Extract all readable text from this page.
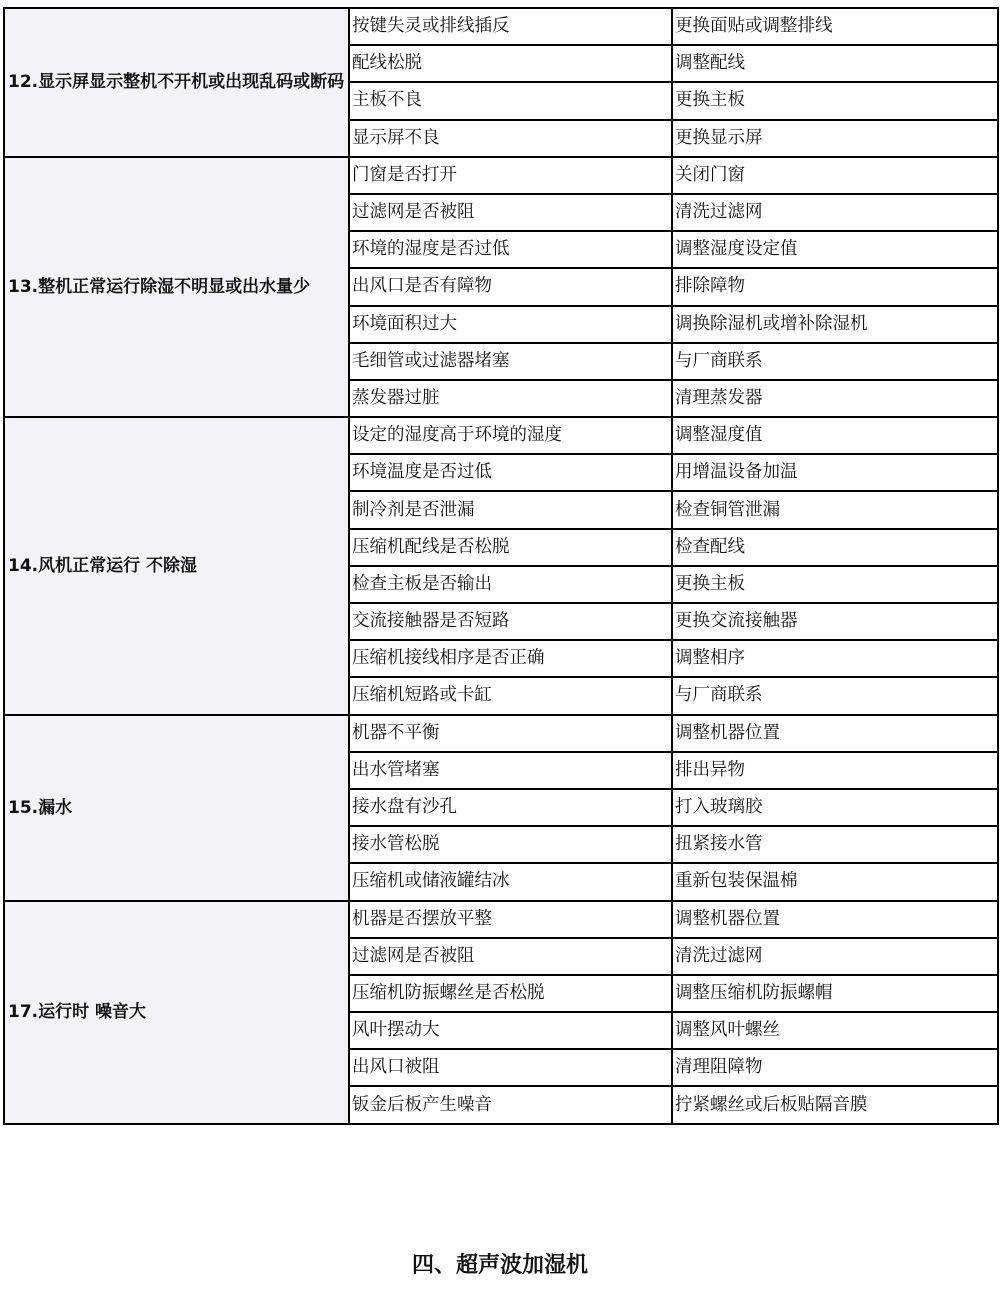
12.显示屏显示整机不开机或出现乱码或断码	按键失灵或排线插反	更换面贴或调整排线
	配线松脱	调整配线
	主板不良	更换主板
	显示屏不良	更换显示屏
13.整机正常运行除湿不明显或出水量少	门窗是否打开	关闭门窗
	过滤网是否被阻	清洗过滤网
	环境的湿度是否过低	调整湿度设定值
	出风口是否有障物	排除障物
	环境面积过大	调换除湿机或增补除湿机
	毛细管或过滤器堵塞	与厂商联系
	蒸发器过脏	清理蒸发器
14.风机正常运行 不除湿	设定的湿度高于环境的湿度	调整湿度值
	环境温度是否过低	用增温设备加温
	制冷剂是否泄漏	检查铜管泄漏
	压缩机配线是否松脱	检查配线
	检查主板是否输出	更换主板
	交流接触器是否短路	更换交流接触器
	压缩机接线相序是否正确	调整相序
	压缩机短路或卡缸	与厂商联系
15.漏水	机器不平衡	调整机器位置
	出水管堵塞	排出异物
	接水盘有沙孔	打入玻璃胶
	接水管松脱	扭紧接水管
	压缩机或储液罐结冰	重新包装保温棉
17.运行时 噪音大	机器是否摆放平整	调整机器位置
	过滤网是否被阻	清洗过滤网
	压缩机防振螺丝是否松脱	调整压缩机防振螺帽
	风叶摆动大	调整风叶螺丝
	出风口被阻	清理阻障物
	钣金后板产生噪音	拧紧螺丝或后板贴隔音膜
四、超声波加湿机
